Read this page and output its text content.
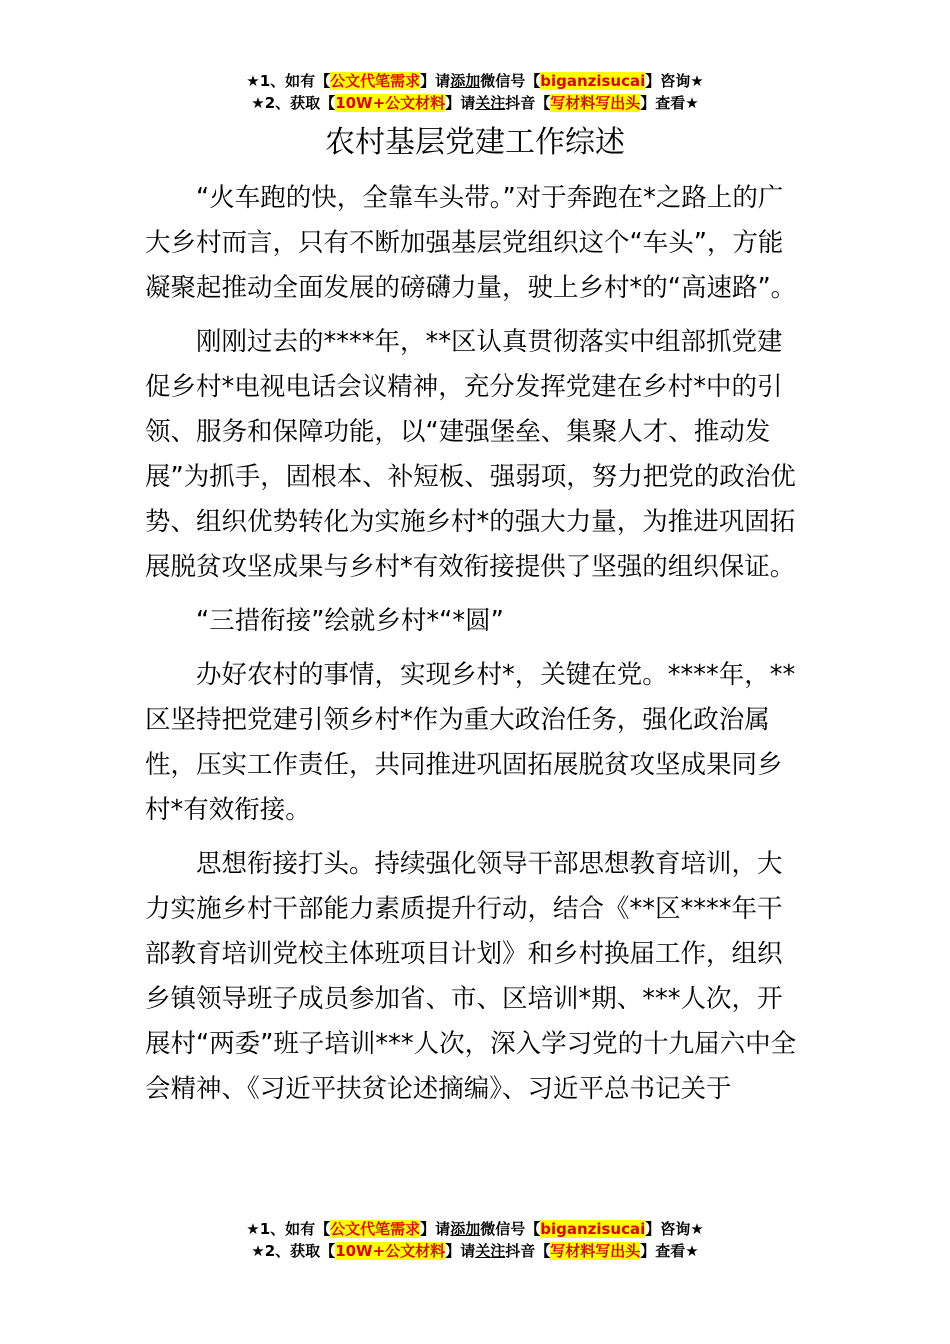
★1、如有【公文代笔需求】请添加微信号【biganzisucai】咨询★
★2、获取【10W+公文材料】请关注抖音【写材料写出头】查看★
农村基层党建工作综述

“火车跑的快，全靠车头带。”对于奔跑在*之路上的广大乡村而言，只有不断加强基层党组织这个“车头”，方能凝聚起推动全面发展的磅礴力量，驶上乡村*的“高速路”。

刚刚过去的****年，**区认真贯彻落实中组部抓党建促乡村*电视电话会议精神，充分发挥党建在乡村*中的引领、服务和保障功能，以“建强堡垒、集聚人才、推动发展”为抓手，固根本、补短板、强弱项，努力把党的政治优势、组织优势转化为实施乡村*的强大力量，为推进巩固拓展脱贫攻坚成果与乡村*有效衔接提供了坚强的组织保证。

“三措衔接”绘就乡村*“*圆”

办好农村的事情，实现乡村*，关键在党。****年，**区坚持把党建引领乡村*作为重大政治任务，强化政治属性，压实工作责任，共同推进巩固拓展脱贫攻坚成果同乡村*有效衔接。

思想衔接打头。持续强化领导干部思想教育培训，大力实施乡村干部能力素质提升行动，结合《**区****年干部教育培训党校主体班项目计划》和乡村换届工作，组织乡镇领导班子成员参加省、市、区培训*期、***人次，开展村“两委”班子培训***人次，深入学习党的十九届六中全会精神、《习近平扶贫论述摘编》、习近平总书记关于

★1、如有【公文代笔需求】请添加微信号【biganzisucai】咨询★
★2、获取【10W+公文材料】请关注抖音【写材料写出头】查看★
